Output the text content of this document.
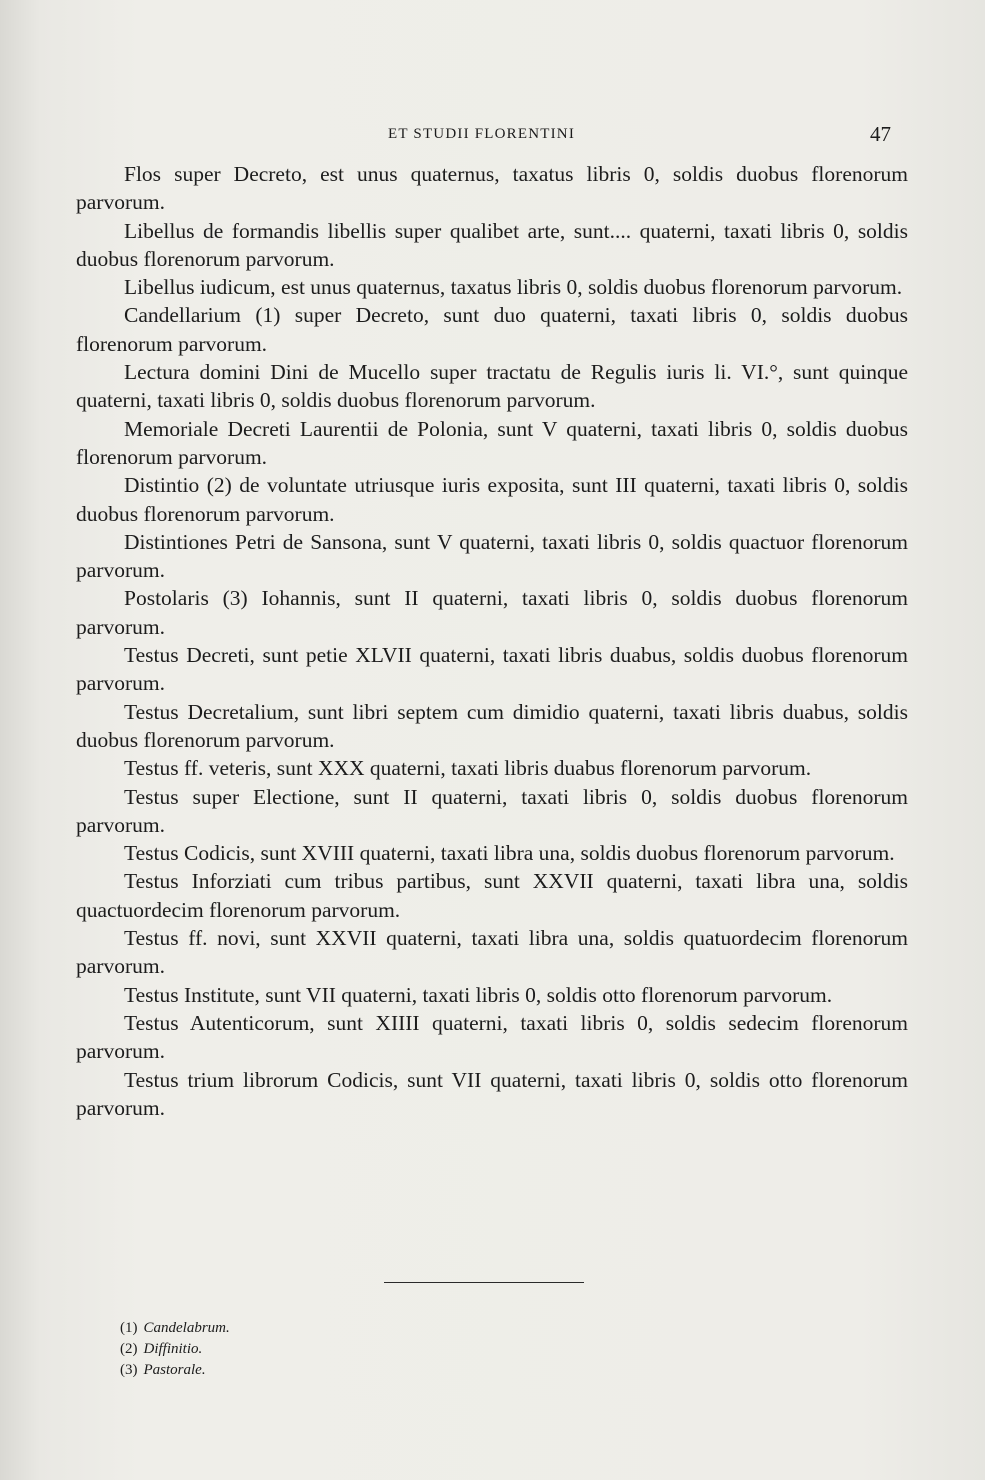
ET STUDII FLORENTINI	47

Flos super Decreto, est unus quaternus, taxatus libris 0, soldis duobus florenorum parvorum.

Libellus de formandis libellis super qualibet arte, sunt.... quaterni, taxati libris 0, soldis duobus florenorum parvorum.

Libellus iudicum, est unus quaternus, taxatus libris 0, soldis duobus florenorum parvorum.

Candellarium (1) super Decreto, sunt duo quaterni, taxati libris 0, soldis duobus florenorum parvorum.

Lectura domini Dini de Mucello super tractatu de Regulis iuris li. VI.°, sunt quinque quaterni, taxati libris 0, soldis duobus florenorum parvorum.

Memoriale Decreti Laurentii de Polonia, sunt V quaterni, taxati libris 0, soldis duobus florenorum parvorum.

Distintio (2) de voluntate utriusque iuris exposita, sunt III quaterni, taxati libris 0, soldis duobus florenorum parvorum.

Distintiones Petri de Sansona, sunt V quaterni, taxati libris 0, soldis quactuor florenorum parvorum.

Postolaris (3) Iohannis, sunt II quaterni, taxati libris 0, soldis duobus florenorum parvorum.

Testus Decreti, sunt petie XLVII quaterni, taxati libris duabus, soldis duobus florenorum parvorum.

Testus Decretalium, sunt libri septem cum dimidio quaterni, taxati libris duabus, soldis duobus florenorum parvorum.

Testus ff. veteris, sunt XXX quaterni, taxati libris duabus florenorum parvorum.

Testus super Electione, sunt II quaterni, taxati libris 0, soldis duobus florenorum parvorum.

Testus Codicis, sunt XVIII quaterni, taxati libra una, soldis duobus florenorum parvorum.

Testus Inforziati cum tribus partibus, sunt XXVII quaterni, taxati libra una, soldis quactuordecim florenorum parvorum.

Testus ff. novi, sunt XXVII quaterni, taxati libra una, soldis quatuordecim florenorum parvorum.

Testus Institute, sunt VII quaterni, taxati libris 0, soldis otto florenorum parvorum.

Testus Autenticorum, sunt XIIII quaterni, taxati libris 0, soldis sedecim florenorum parvorum.

Testus trium librorum Codicis, sunt VII quaterni, taxati libris 0, soldis otto florenorum parvorum.

(1) Candelabrum.
(2) Diffinitio.
(3) Pastorale.
